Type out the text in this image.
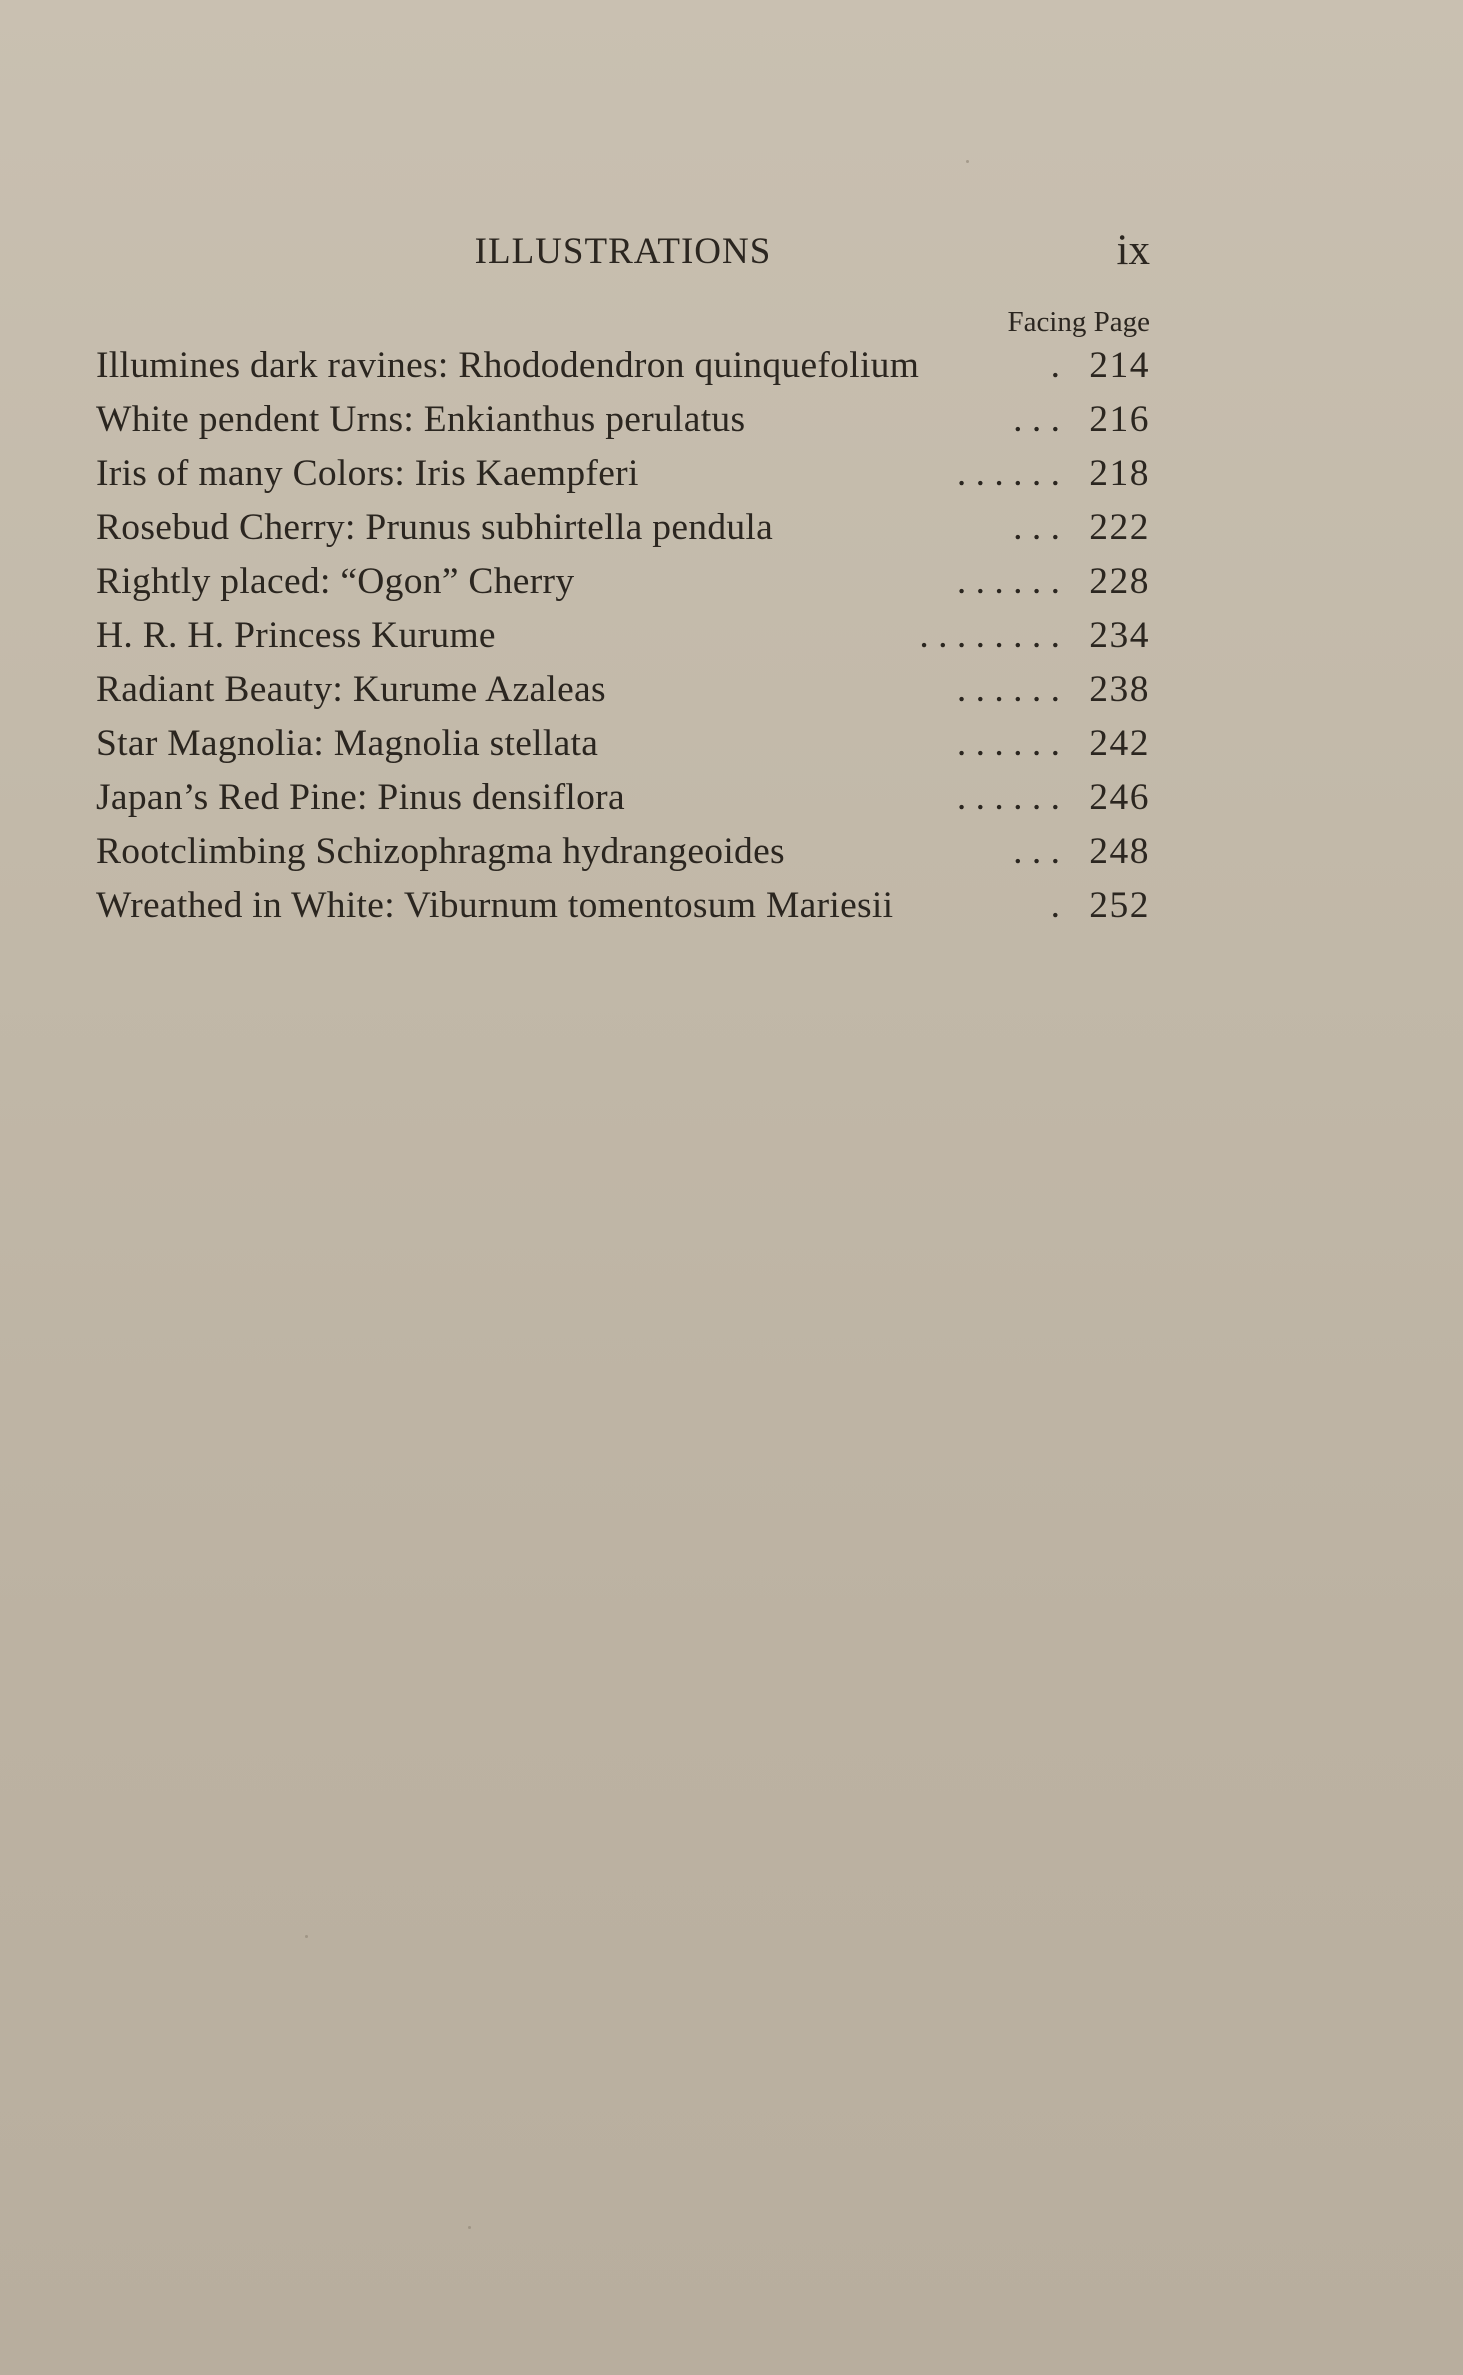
ILLUSTRATIONS	ix
Facing Page
Illumines dark ravines: Rhododendron quinquefolium	. 214
White pendent Urns: Enkianthus perulatus	. . . 216
Iris of many Colors: Iris Kaempferi	. . . . . . 218
Rosebud Cherry: Prunus subhirtella pendula	. . . 222
Rightly placed: “Ogon” Cherry	. . . . . . 228
H. R. H. Princess Kurume	. . . . . . . . 234
Radiant Beauty: Kurume Azaleas	. . . . . . 238
Star Magnolia: Magnolia stellata	. . . . . . 242
Japan’s Red Pine: Pinus densiflora	. . . . . . 246
Rootclimbing Schizophragma hydrangeoides	. . . 248
Wreathed in White: Viburnum tomentosum Mariesii	. 252
